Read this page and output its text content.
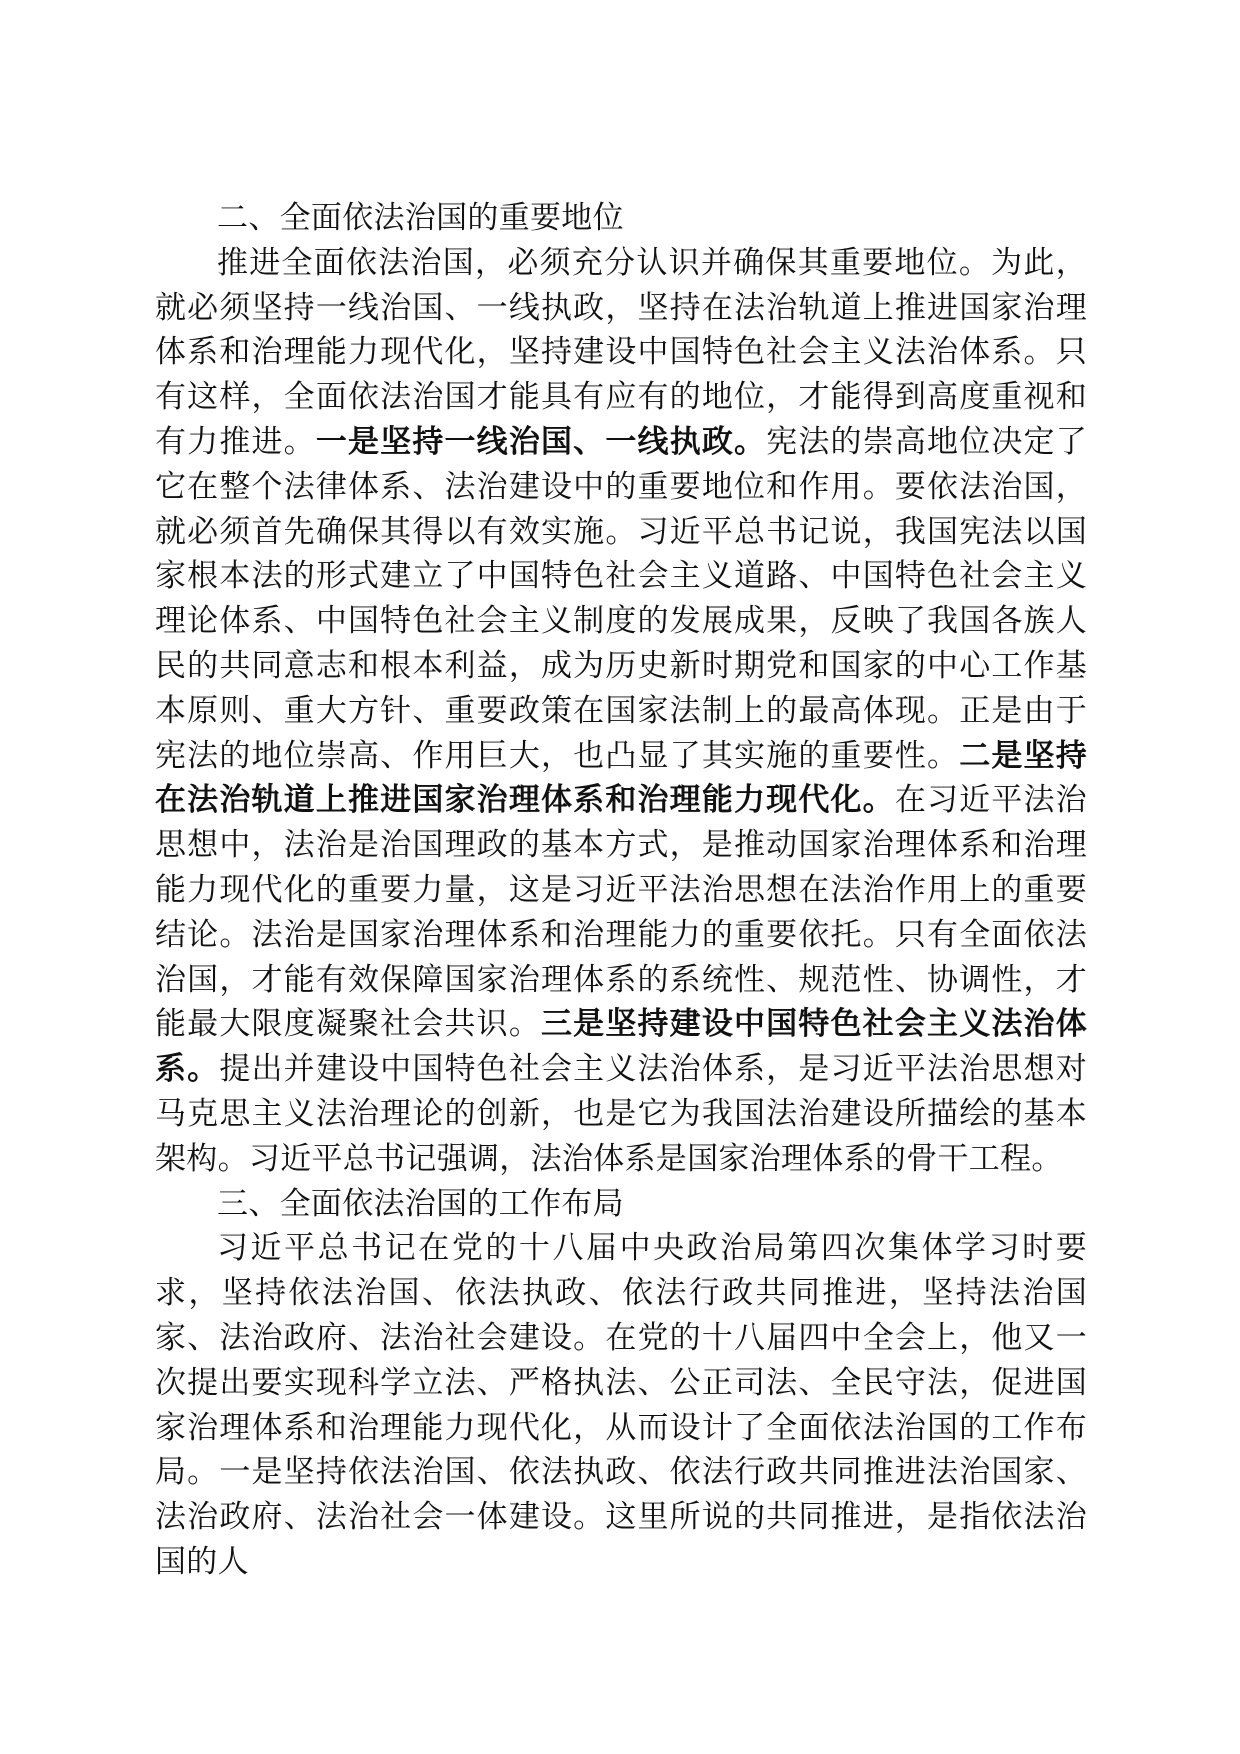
二、全面依法治国的重要地位

推进全面依法治国，必须充分认识并确保其重要地位。为此，就必须坚持一线治国、一线执政，坚持在法治轨道上推进国家治理体系和治理能力现代化，坚持建设中国特色社会主义法治体系。只有这样，全面依法治国才能具有应有的地位，才能得到高度重视和有力推进。一是坚持一线治国、一线执政。宪法的崇高地位决定了它在整个法律体系、法治建设中的重要地位和作用。要依法治国，就必须首先确保其得以有效实施。习近平总书记说，我国宪法以国家根本法的形式建立了中国特色社会主义道路、中国特色社会主义理论体系、中国特色社会主义制度的发展成果，反映了我国各族人民的共同意志和根本利益，成为历史新时期党和国家的中心工作基本原则、重大方针、重要政策在国家法制上的最高体现。正是由于宪法的地位崇高、作用巨大，也凸显了其实施的重要性。二是坚持在法治轨道上推进国家治理体系和治理能力现代化。在习近平法治思想中，法治是治国理政的基本方式，是推动国家治理体系和治理能力现代化的重要力量，这是习近平法治思想在法治作用上的重要结论。法治是国家治理体系和治理能力的重要依托。只有全面依法治国，才能有效保障国家治理体系的系统性、规范性、协调性，才能最大限度凝聚社会共识。三是坚持建设中国特色社会主义法治体系。提出并建设中国特色社会主义法治体系，是习近平法治思想对马克思主义法治理论的创新，也是它为我国法治建设所描绘的基本架构。习近平总书记强调，法治体系是国家治理体系的骨干工程。

三、全面依法治国的工作布局

习近平总书记在党的十八届中央政治局第四次集体学习时要求，坚持依法治国、依法执政、依法行政共同推进，坚持法治国家、法治政府、法治社会建设。在党的十八届四中全会上，他又一次提出要实现科学立法、严格执法、公正司法、全民守法，促进国家治理体系和治理能力现代化，从而设计了全面依法治国的工作布局。一是坚持依法治国、依法执政、依法行政共同推进法治国家、法治政府、法治社会一体建设。这里所说的共同推进，是指依法治国的人
